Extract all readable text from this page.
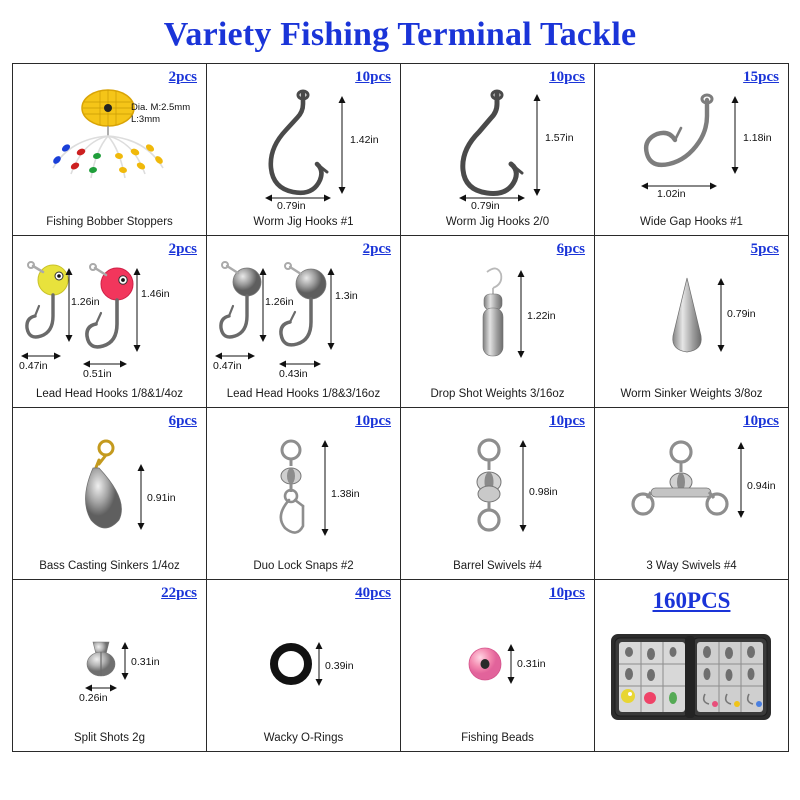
Variety Fishing Terminal Tackle
2pcs
Dia. M:2.5mm
L:3mm
Fishing Bobber Stoppers
10pcs
1.42in
0.79in
Worm Jig Hooks #1
10pcs
1.57in
0.79in
Worm Jig Hooks 2/0
15pcs
1.18in
1.02in
Wide Gap Hooks #1
2pcs
1.26in
1.46in
0.47in
0.51in
Lead Head Hooks 1/8&1/4oz
2pcs
1.26in	1.3in
0.47in
0.43in
Lead Head Hooks 1/8&3/16oz
6pcs
1.22in
Drop Shot Weights 3/16oz
5pcs
0.79in
Worm Sinker Weights 3/8oz
6pcs
0.91in
Bass Casting Sinkers 1/4oz
10pcs
1.38in
Duo Lock Snaps #2
10pcs
0.98in
Barrel Swivels #4
10pcs
0.94in
3 Way Swivels #4
22pcs
0.31in
0.26in
Split Shots 2g
40pcs
0.39in
Wacky O-Rings
10pcs
0.31in
Fishing Beads
160PCS
